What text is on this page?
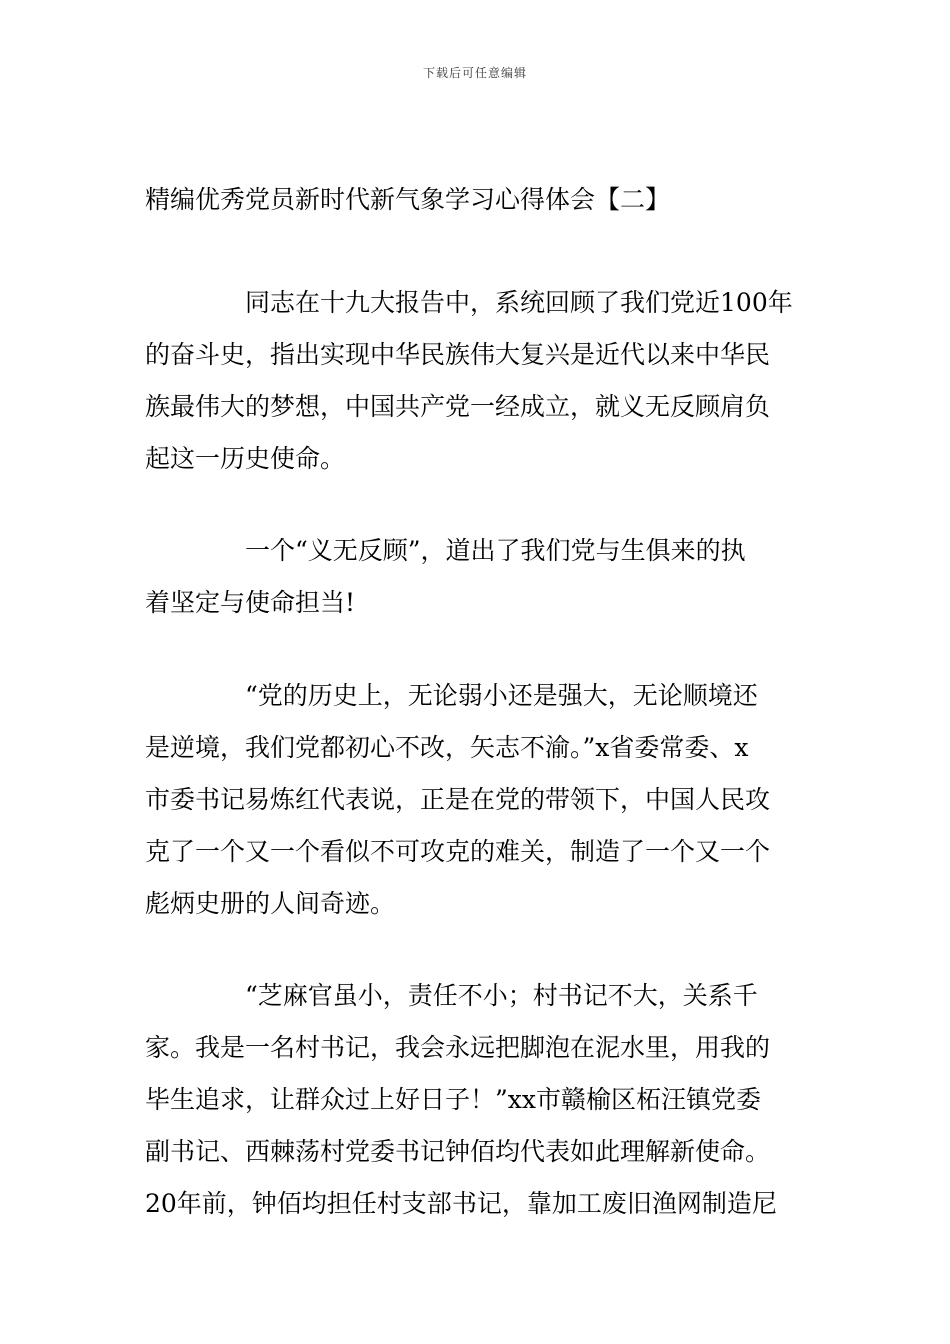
下载后可任意编辑
精编优秀党员新时代新气象学习心得体会【二】
同志在十九大报告中，系统回顾了我们党近100年
的奋斗史，指出实现中华民族伟大复兴是近代以来中华民
族最伟大的梦想，中国共产党一经成立，就义无反顾肩负
起这一历史使命。
一个“义无反顾”，道出了我们党与生俱来的执
着坚定与使命担当!
“党的历史上，无论弱小还是强大，无论顺境还
是逆境，我们党都初心不改，矢志不渝。”x省委常委、x
市委书记易炼红代表说，正是在党的带领下，中国人民攻
克了一个又一个看似不可攻克的难关，制造了一个又一个
彪炳史册的人间奇迹。
“芝麻官虽小，责任不小；村书记不大，关系千
家。我是一名村书记，我会永远把脚泡在泥水里，用我的
毕生追求，让群众过上好日子！”xx市赣榆区柘汪镇党委
副书记、西棘荡村党委书记钟佰均代表如此理解新使命。
20年前，钟佰均担任村支部书记，靠加工废旧渔网制造尼
